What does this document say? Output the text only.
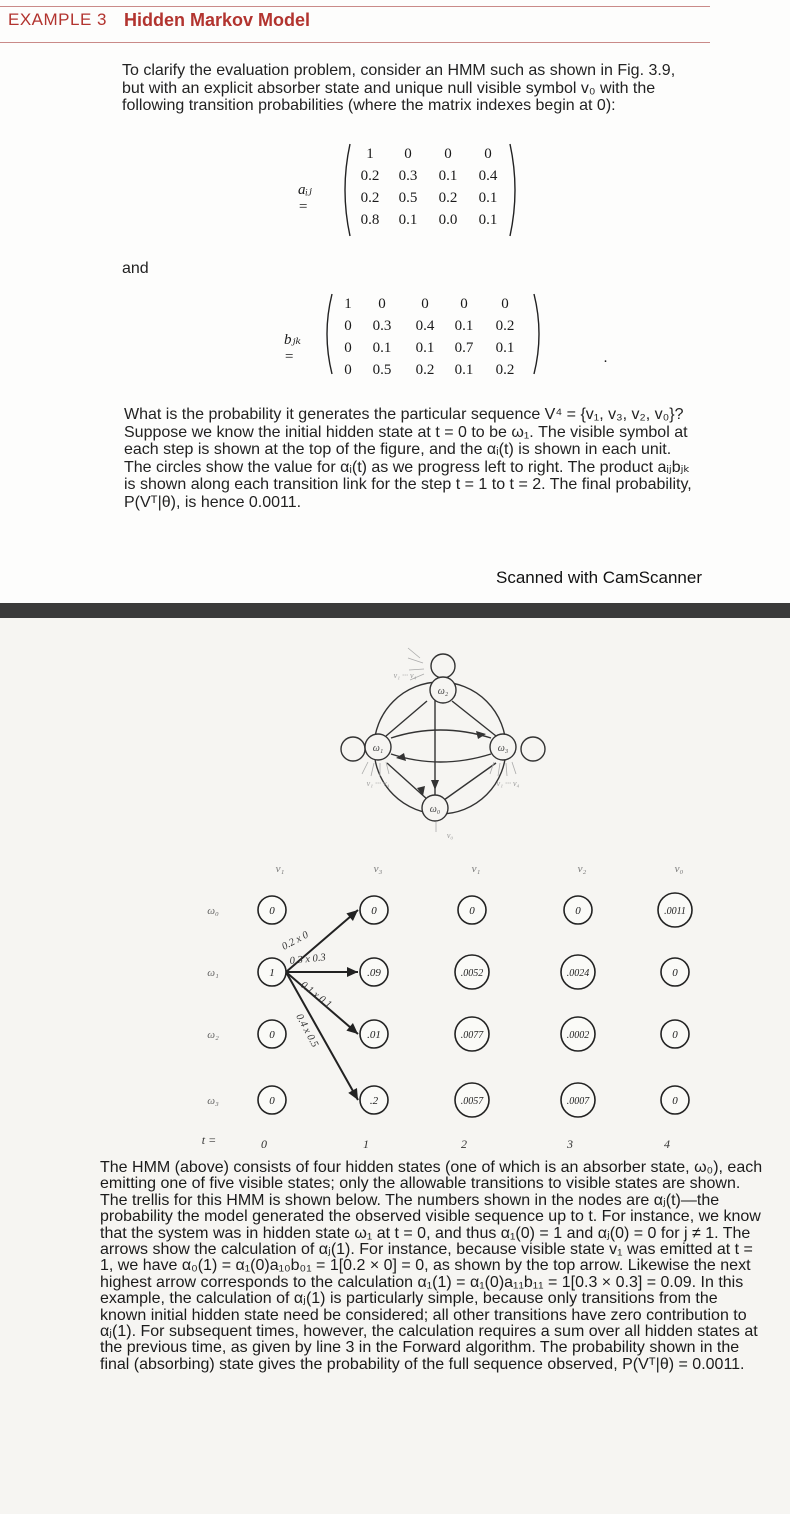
EXAMPLE 3 Hidden Markov Model
To clarify the evaluation problem, consider an HMM such as shown in Fig. 3.9, but with an explicit absorber state and unique null visible symbol v₀ with the following transition probabilities (where the matrix indexes begin at 0):
aᵢⱼ =
1	0	0	0
0.2	0.3	0.1	0.4
0.2	0.5	0.2	0.1
0.8	0.1	0.0	0.1
and
bⱼₖ =
1	0	0	0	0
0	0.3	0.4	0.1	0.2
0	0.1	0.1	0.7	0.1
0	0.5	0.2	0.1	0.2
.
What is the probability it generates the particular sequence V⁴ = {v₁, v₃, v₂, v₀}? Suppose we know the initial hidden state at t = 0 to be ω₁. The visible symbol at each step is shown at the top of the figure, and the αᵢ(t) is shown in each unit. The circles show the value for αᵢ(t) as we progress left to right. The product aᵢⱼbⱼₖ is shown along each transition link for the step t = 1 to t = 2. The final probability, P(Vᵀ|θ), is hence 0.0011.
Scanned with CamScanner
ω₁
ω₂
ω₃
ω₀
v₁ ··· v₄
v₁ ··· v₄
v₁ ··· v₄
v₀
0	0	0	0	.0011
1	.09	.0052	.0024	0
0	.01	.0077	.0002	0
0	.2	.0057	.0007	0
v₁	v₃	v₁	v₂	v₀
ω₀
ω₁
ω₂
ω₃
t =	0	1	2	3	4
0.2 x 0
0.3 x 0.3
0.1 x 0.1
0.4 x 0.5

The HMM (above) consists of four hidden states (one of which is an absorber state, ω₀), each emitting one of five visible states; only the allowable transitions to visible states are shown. The trellis for this HMM is shown below. The numbers shown in the nodes are αⱼ(t)—the probability the model generated the observed visible sequence up to t. For instance, we know that the system was in hidden state ω₁ at t = 0, and thus α₁(0) = 1 and αⱼ(0) = 0 for j ≠ 1. The arrows show the calculation of αⱼ(1). For instance, because visible state v₁ was emitted at t = 1, we have α₀(1) = α₁(0)a₁₀b₀₁ = 1[0.2 × 0] = 0, as shown by the top arrow. Likewise the next highest arrow corresponds to the calculation α₁(1) = α₁(0)a₁₁b₁₁ = 1[0.3 × 0.3] = 0.09. In this example, the calculation of αⱼ(1) is particularly simple, because only transitions from the known initial hidden state need be considered; all other transitions have zero contribution to αⱼ(1). For subsequent times, however, the calculation requires a sum over all hidden states at the previous time, as given by line 3 in the Forward algorithm. The probability shown in the final (absorbing) state gives the probability of the full sequence observed, P(Vᵀ|θ) = 0.0011.
